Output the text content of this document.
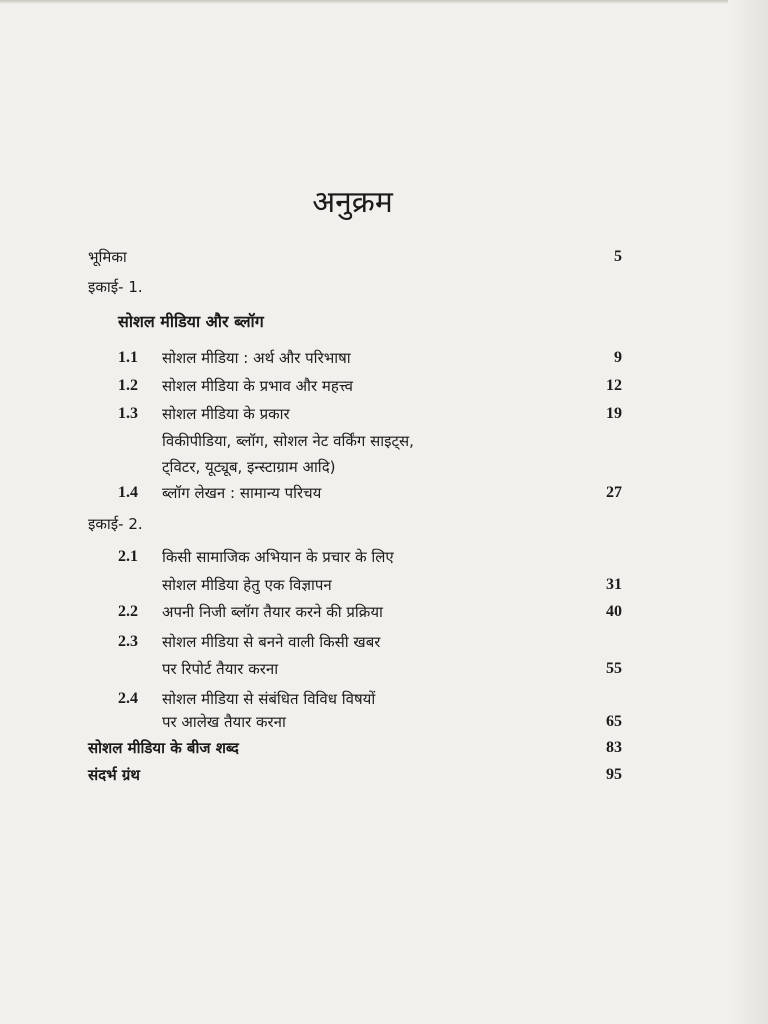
अनुक्रम
भूमिका	5
इकाई- 1.
सोशल मीडिया और ब्लॉग
1.1 सोशल मीडिया : अर्थ और परिभाषा	9
1.2 सोशल मीडिया के प्रभाव और महत्त्व	12
1.3 सोशल मीडिया के प्रकार	19
विकीपीडिया, ब्लॉग, सोशल नेट वर्किंग साइट्स,
ट्विटर, यूट्यूब, इन्स्टाग्राम आदि)
1.4 ब्लॉग लेखन : सामान्य परिचय	27
इकाई- 2.
2.1 किसी सामाजिक अभियान के प्रचार के लिए
सोशल मीडिया हेतु एक विज्ञापन	31
2.2 अपनी निजी ब्लॉग तैयार करने की प्रक्रिया	40
2.3 सोशल मीडिया से बनने वाली किसी खबर
पर रिपोर्ट तैयार करना	55
2.4 सोशल मीडिया से संबंधित विविध विषयों
पर आलेख तैयार करना	65
सोशल मीडिया के बीज शब्द	83
संदर्भ ग्रंथ	95
